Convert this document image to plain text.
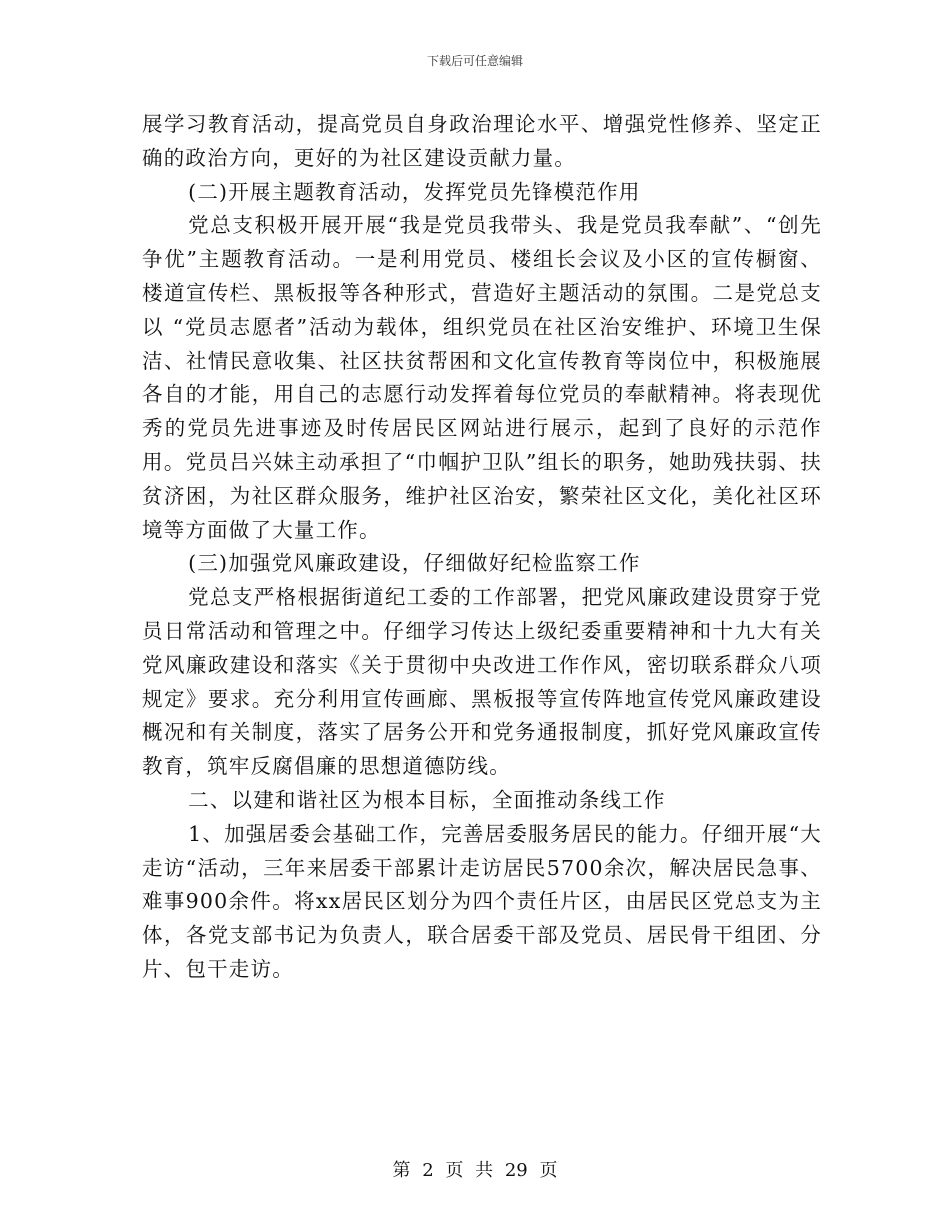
下载后可任意编辑

展学习教育活动，提高党员自身政治理论水平、增强党性修养、坚定正确的政治方向，更好的为社区建设贡献力量。

(二)开展主题教育活动，发挥党员先锋模范作用

党总支积极开展开展“我是党员我带头、我是党员我奉献”、“创先争优”主题教育活动。一是利用党员、楼组长会议及小区的宣传橱窗、楼道宣传栏、黑板报等各种形式，营造好主题活动的氛围。二是党总支以 “党员志愿者”活动为载体，组织党员在社区治安维护、环境卫生保洁、社情民意收集、社区扶贫帮困和文化宣传教育等岗位中，积极施展各自的才能，用自己的志愿行动发挥着每位党员的奉献精神。将表现优秀的党员先进事迹及时传居民区网站进行展示，起到了良好的示范作用。党员吕兴妹主动承担了“巾帼护卫队”组长的职务，她助残扶弱、扶贫济困，为社区群众服务，维护社区治安，繁荣社区文化，美化社区环境等方面做了大量工作。

(三)加强党风廉政建设，仔细做好纪检监察工作

党总支严格根据街道纪工委的工作部署，把党风廉政建设贯穿于党员日常活动和管理之中。仔细学习传达上级纪委重要精神和十九大有关党风廉政建设和落实《关于贯彻中央改进工作作风，密切联系群众八项规定》要求。充分利用宣传画廊、黑板报等宣传阵地宣传党风廉政建设概况和有关制度，落实了居务公开和党务通报制度，抓好党风廉政宣传教育，筑牢反腐倡廉的思想道德防线。

二、以建和谐社区为根本目标，全面推动条线工作

1、加强居委会基础工作，完善居委服务居民的能力。仔细开展“大走访“活动，三年来居委干部累计走访居民5700余次，解决居民急事、难事900余件。将xx居民区划分为四个责任片区，由居民区党总支为主体，各党支部书记为负责人，联合居委干部及党员、居民骨干组团、分片、包干走访。

第 2 页 共 29 页
